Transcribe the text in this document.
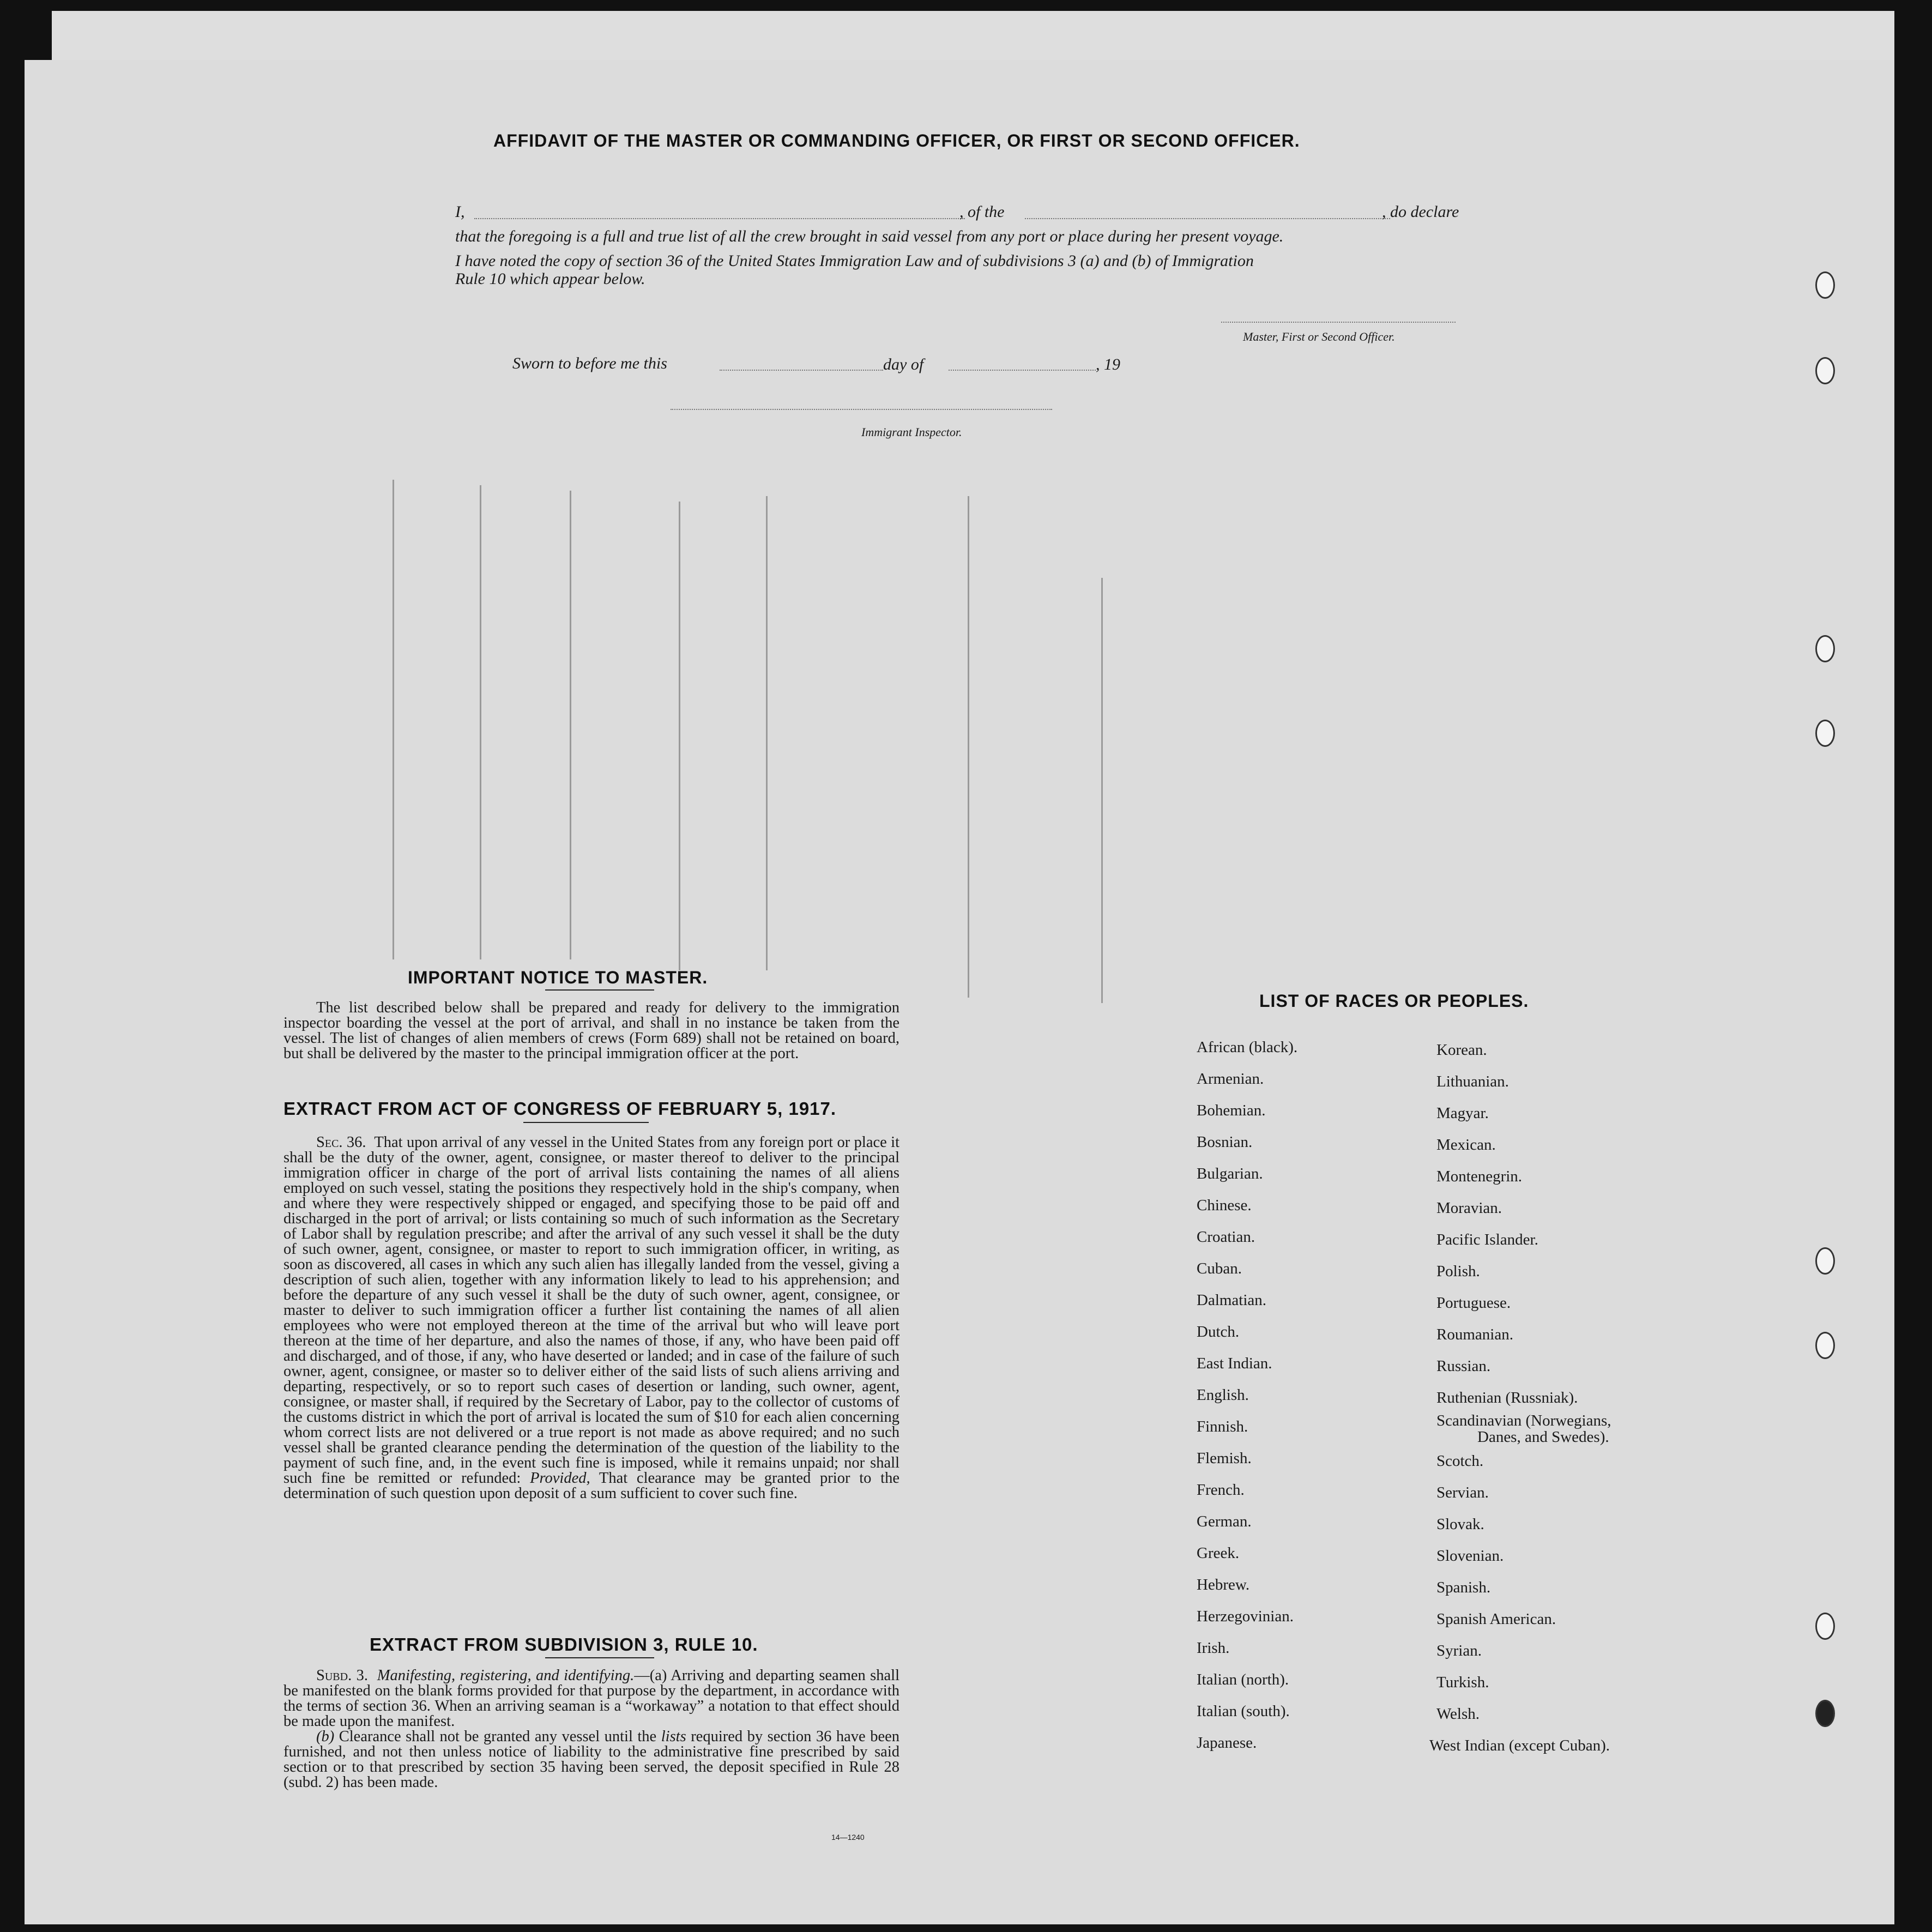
AFFIDAVIT OF THE MASTER OR COMMANDING OFFICER, OR FIRST OR SECOND OFFICER.
I,	, of the	, do declare
that the foregoing is a full and true list of all the crew brought in said vessel from any port or place during her present voyage.
I have noted the copy of section 36 of the United States Immigration Law and of subdivisions 3 (a) and (b) of Immigration
Rule 10 which appear below.
Master, First or Second Officer.
Sworn to before me this	day of	, 19
Immigrant Inspector.
IMPORTANT NOTICE TO MASTER.

The list described below shall be prepared and ready for delivery to the immigration inspector boarding the vessel at the port of arrival, and shall in no instance be taken from the vessel. The list of changes of alien members of crews (Form 689) shall not be retained on board, but shall be delivered by the master to the principal immigration officer at the port.

EXTRACT FROM ACT OF CONGRESS OF FEBRUARY 5, 1917.

Sec. 36. That upon arrival of any vessel in the United States from any foreign port or place it shall be the duty of the owner, agent, consignee, or master thereof to deliver to the principal immigration officer in charge of the port of arrival lists containing the names of all aliens employed on such vessel, stating the positions they respectively hold in the ship's company, when and where they were respectively shipped or engaged, and specifying those to be paid off and discharged in the port of arrival; or lists containing so much of such information as the Secretary of Labor shall by regulation prescribe; and after the arrival of any such vessel it shall be the duty of such owner, agent, consignee, or master to report to such immigration officer, in writing, as soon as discovered, all cases in which any such alien has illegally landed from the vessel, giving a description of such alien, together with any information likely to lead to his apprehension; and before the departure of any such vessel it shall be the duty of such owner, agent, consignee, or master to deliver to such immigration officer a further list containing the names of all alien employees who were not employed thereon at the time of the arrival but who will leave port thereon at the time of her departure, and also the names of those, if any, who have been paid off and discharged, and of those, if any, who have deserted or landed; and in case of the failure of such owner, agent, consignee, or master so to deliver either of the said lists of such aliens arriving and departing, respectively, or so to report such cases of desertion or landing, such owner, agent, consignee, or master shall, if required by the Secretary of Labor, pay to the collector of customs of the customs district in which the port of arrival is located the sum of $10 for each alien concerning whom correct lists are not delivered or a true report is not made as above required; and no such vessel shall be granted clearance pending the determination of the question of the liability to the payment of such fine, and, in the event such fine is imposed, while it remains unpaid; nor shall such fine be remitted or refunded: Provided, That clearance may be granted prior to the determination of such question upon deposit of a sum sufficient to cover such fine.

EXTRACT FROM SUBDIVISION 3, RULE 10.

Subd. 3. Manifesting, registering, and identifying.—(a) Arriving and departing seamen shall be manifested on the blank forms provided for that purpose by the department, in accordance with the terms of section 36. When an arriving seaman is a “workaway” a notation to that effect should be made upon the manifest.

(b) Clearance shall not be granted any vessel until the lists required by section 36 have been furnished, and not then unless notice of liability to the administrative fine prescribed by said section or to that prescribed by section 35 having been served, the deposit specified in Rule 28 (subd. 2) has been made.

14—1240
LIST OF RACES OR PEOPLES.
African (black).
Armenian.
Bohemian.
Bosnian.
Bulgarian.
Chinese.
Croatian.
Cuban.
Dalmatian.
Dutch.
East Indian.
English.
Finnish.
Flemish.
French.
German.
Greek.
Hebrew.
Herzegovinian.
Irish.
Italian (north).
Italian (south).
Japanese.
Korean.
Lithuanian.
Magyar.
Mexican.
Montenegrin.
Moravian.
Pacific Islander.
Polish.
Portuguese.
Roumanian.
Russian.
Ruthenian (Russniak).
Scandinavian (Norwegians,
Danes, and Swedes).
Scotch.
Servian.
Slovak.
Slovenian.
Spanish.
Spanish American.
Syrian.
Turkish.
Welsh.
West Indian (except Cuban).
